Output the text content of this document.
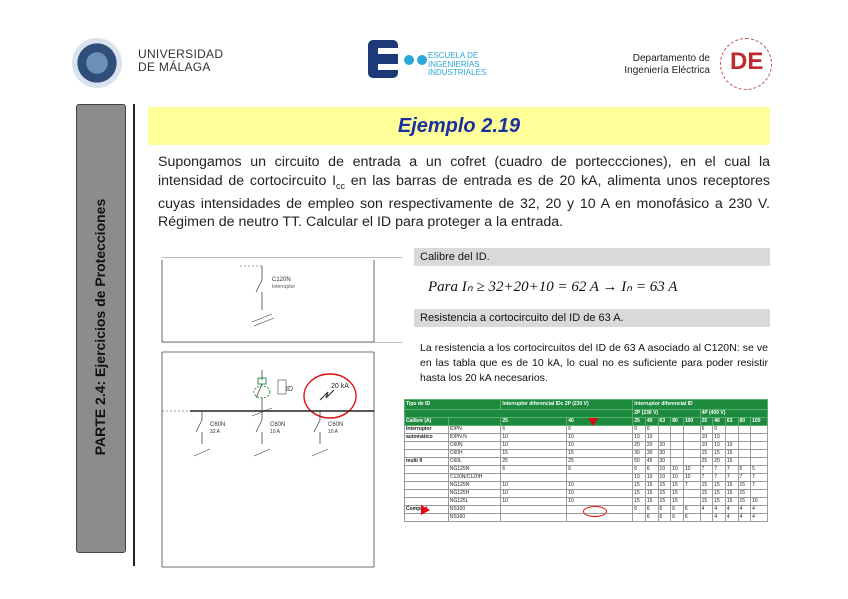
UNIVERSIDAD
DE MÁLAGA
ESCUELA DE
INGENIERÍAS
INDUSTRIALES
Departamento de
Ingeniería Eléctrica DE
PARTE 2.4: Ejercicios de Protecciones
Ejemplo 2.19
Supongamos un circuito de entrada a un cofret (cuadro de porteccciones), en el cual la intensidad de cortocircuito $I_{cc}$ en las barras de entrada es de 20 kA, alimenta unos receptores cuyas intensidades de empleo son respectivamente de 32, 20 y 10 A en monofásico a 230 V. Régimen de neutro TT. Calcular el ID para proteger a la entrada.
C120N
Interruptor
ID	20 kA
C60N
32 A
C60N
10 A
C60N
10 A
Calibre del ID.
Para Iₙ ≥ 32+20+10 = 62 A → Iₙ = 63 A
Resistencia a cortocircuito del ID de 63 A.
La resistencia a los cortocircuitos del ID de 63 A asociado al C120N: se ve en las tabla que es de 10 kA, lo cual no es suficiente para poder resistir hasta los 20 kA necesarios.
Tipo de ID		Interruptor diferencial IDc 2P (230 V)		Interruptor diferencial ID									
				2P (230 V)					4P (400 V)				
Calibre (A)		25	40	25	40	63	80	100	25	40	63	80	100
Interruptor	IDPN	6	6	6	6				6	6			
automático	IDPN N	10	10	10	10				10	10			
	C60N	10	10	20	20	20			10	10	10		
	C60H	15	15	30	30	30			15	15	15		
multi 9	C60L	25	25	50	45	30			25	20	15		
	NG125N	6	6	6	6	10	10	10	7	7	7	5	5
	C120N/C120H			10	10	10	10	10	7	7	7	7	7
	NG125N	10	10	15	15	15	15	7	15	15	15	15	7
	NG125H	10	10	15	15	15	15		15	15	15	15	
	NG125L	10	10	15	15	15	15		15	15	15	15	10
Compact	NS100			6	6	6	6	6	4	4	4	4	4
	NS160				6	6	6	6		4	4	4	4
